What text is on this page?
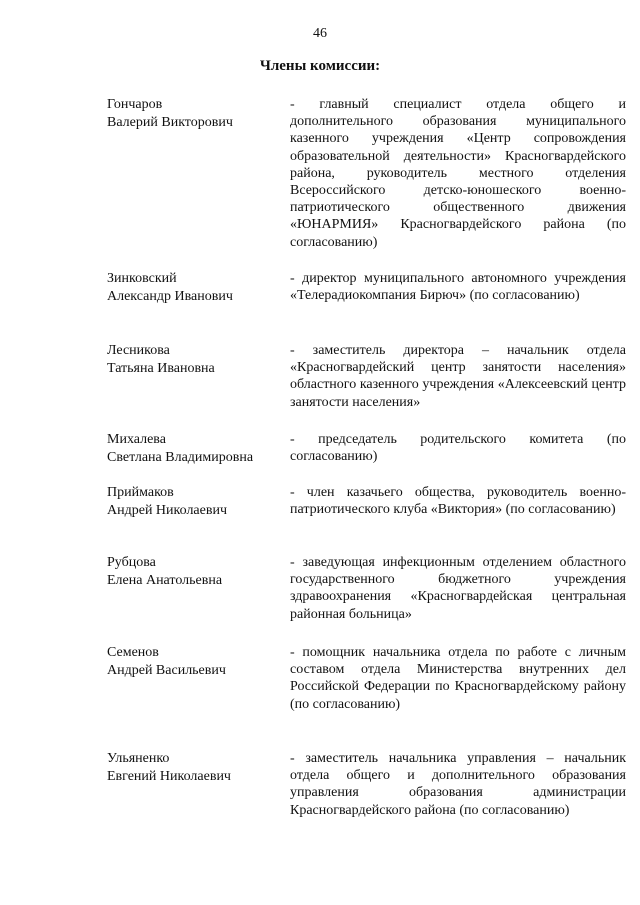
46
Члены комиссии:
Гончаров
Валерий Викторович
- главный специалист отдела общего и дополнительного образования муниципального казенного учреждения «Центр сопровождения образовательной деятельности» Красногвардейского района, руководитель местного отделения Всероссийского детско-юношеского военно-патриотического общественного движения «ЮНАРМИЯ» Красногвардейского района (по согласованию)
Зинковский
Александр Иванович
- директор муниципального автономного учреждения «Телерадиокомпания Бирюч» (по согласованию)
Лесникова
Татьяна Ивановна
- заместитель директора – начальник отдела «Красногвардейский центр занятости населения» областного казенного учреждения «Алексеевский центр занятости населения»
Михалева
Светлана Владимировна
- председатель родительского комитета (по согласованию)
Приймаков
Андрей Николаевич
- член казачьего общества, руководитель военно-патриотического клуба «Виктория» (по согласованию)
Рубцова
Елена Анатольевна
- заведующая инфекционным отделением областного государственного бюджетного учреждения здравоохранения «Красногвардейская центральная районная больница»
Семенов
Андрей Васильевич
- помощник начальника отдела по работе с личным составом отдела Министерства внутренних дел Российской Федерации по Красногвардейскому району (по согласованию)
Ульяненко
Евгений Николаевич
- заместитель начальника управления – начальник отдела общего и дополнительного образования управления образования администрации Красногвардейского района (по согласованию)
